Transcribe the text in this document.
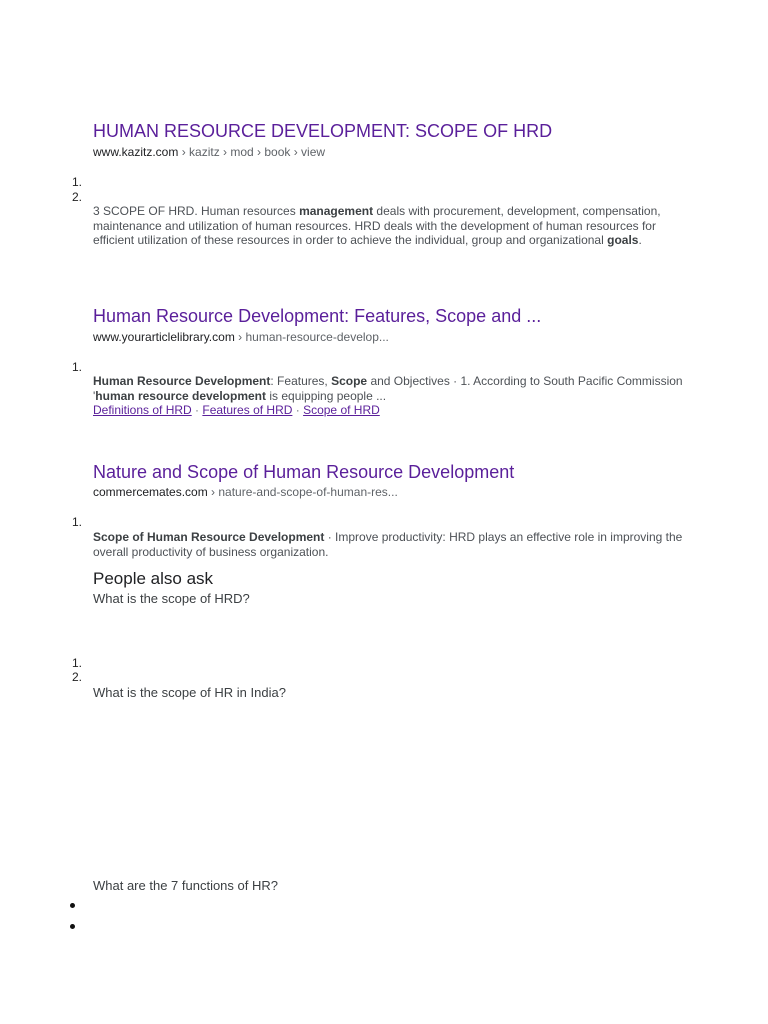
HUMAN RESOURCE DEVELOPMENT: SCOPE OF HRD
www.kazitz.com › kazitz › mod › book › view
1.
2.
3 SCOPE OF HRD. Human resources management deals with procurement, development, compensation, maintenance and utilization of human resources. HRD deals with the development of human resources for efficient utilization of these resources in order to achieve the individual, group and organizational goals.
Human Resource Development: Features, Scope and ...
www.yourarticlelibrary.com › human-resource-develop...
1.
Human Resource Development: Features, Scope and Objectives · 1. According to South Pacific Commission 'human resource development is equipping people ...
Definitions of HRD · Features of HRD · Scope of HRD
Nature and Scope of Human Resource Development
commercemates.com › nature-and-scope-of-human-res...
1.
Scope of Human Resource Development · Improve productivity: HRD plays an effective role in improving the overall productivity of business organization.
People also ask
What is the scope of HRD?
1.
2.
What is the scope of HR in India?
What are the 7 functions of HR?
